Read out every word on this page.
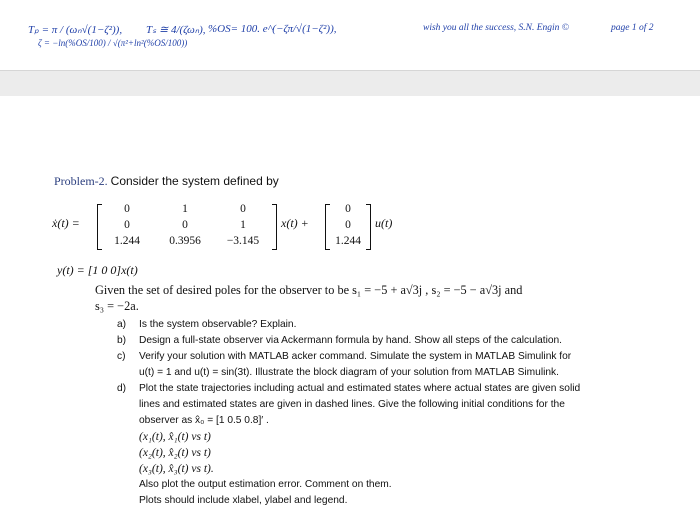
Tₚ = π / (ωₙ√(1−ζ²)), Tₛ ≅ 4/(ζωₙ), %OS= 100. e^(−ζπ/√(1−ζ²)),
ζ = −ln(%OS/100) / √(π²+ln²(%OS/100))
wish you all the success, S.N. Engin ©	page 1 of 2
Problem-2. Consider the system defined by
ẋ(t) =
0	1	0
0	0	1
1.244	0.3956	−3.145
x(t) +
0
0
1.244
u(t)
y(t) = [1 0 0]x(t)
Given the set of desired poles for the observer to be s₁ = −5 + a√3j , s₂ = −5 − a√3j and
s₃ = −2a.
a) Is the system observable? Explain.
b) Design a full-state observer via Ackermann formula by hand. Show all steps of the calculation.
c) Verify your solution with MATLAB acker command. Simulate the system in MATLAB Simulink for
u(t) = 1 and u(t) = sin(3t). Illustrate the block diagram of your solution from MATLAB Simulink.
d) Plot the state trajectories including actual and estimated states where actual states are given solid
lines and estimated states are given in dashed lines. Give the following initial conditions for the
observer as x̂₀ = [1 0.5 0.8]′ .
(x₁(t), x̂₁(t) vs t)
(x₂(t), x̂₂(t) vs t)
(x₃(t), x̂₃(t) vs t).
Also plot the output estimation error. Comment on them.
Plots should include xlabel, ylabel and legend.
